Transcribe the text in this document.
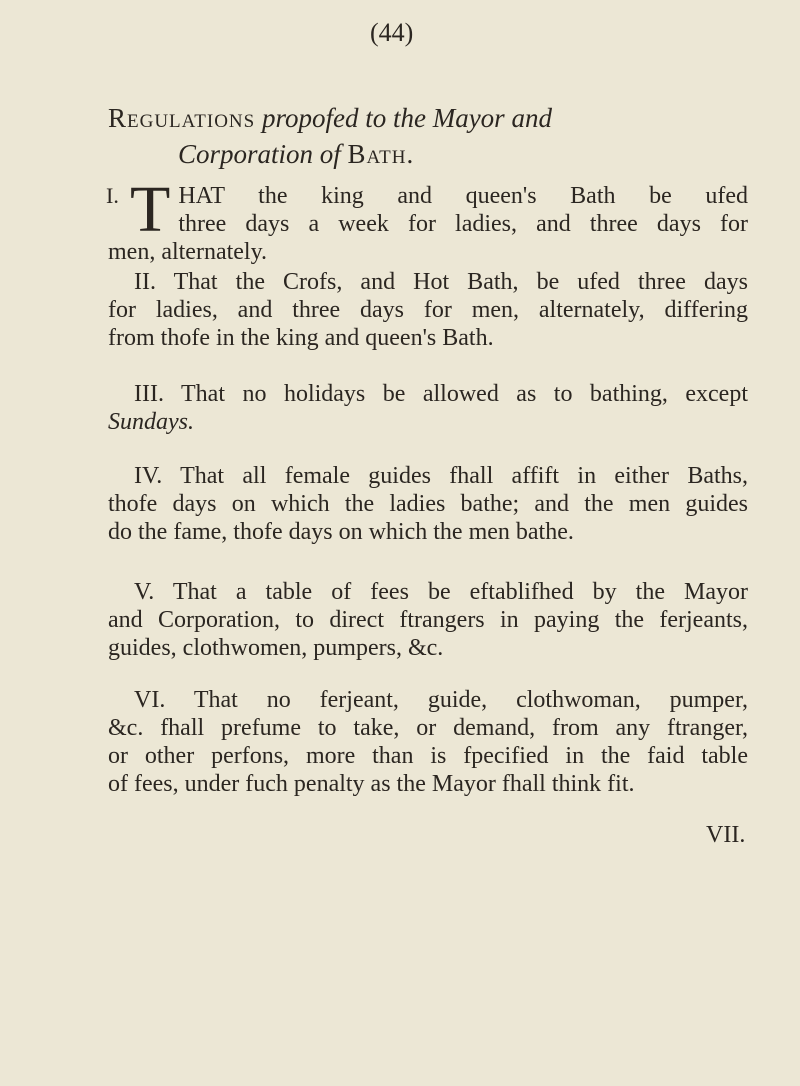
(44)
Regulations propofed to the Mayor and
Corporation of Bath.
I. T HAT the king and queen's Bath be ufed
three days a week for ladies, and three days for
men, alternately.
II. That the Crofs, and Hot Bath, be ufed three days
for ladies, and three days for men, alternately, differing
from thofe in the king and queen's Bath.
III. That no holidays be allowed as to bathing, except
Sundays.
IV. That all female guides fhall affift in either Baths,
thofe days on which the ladies bathe; and the men guides
do the fame, thofe days on which the men bathe.
V. That a table of fees be eftablifhed by the Mayor
and Corporation, to direct ftrangers in paying the ferjeants,
guides, clothwomen, pumpers, &c.
VI. That no ferjeant, guide, clothwoman, pumper,
&c. fhall prefume to take, or demand, from any ftranger,
or other perfons, more than is fpecified in the faid table
of fees, under fuch penalty as the Mayor fhall think fit.
VII.
